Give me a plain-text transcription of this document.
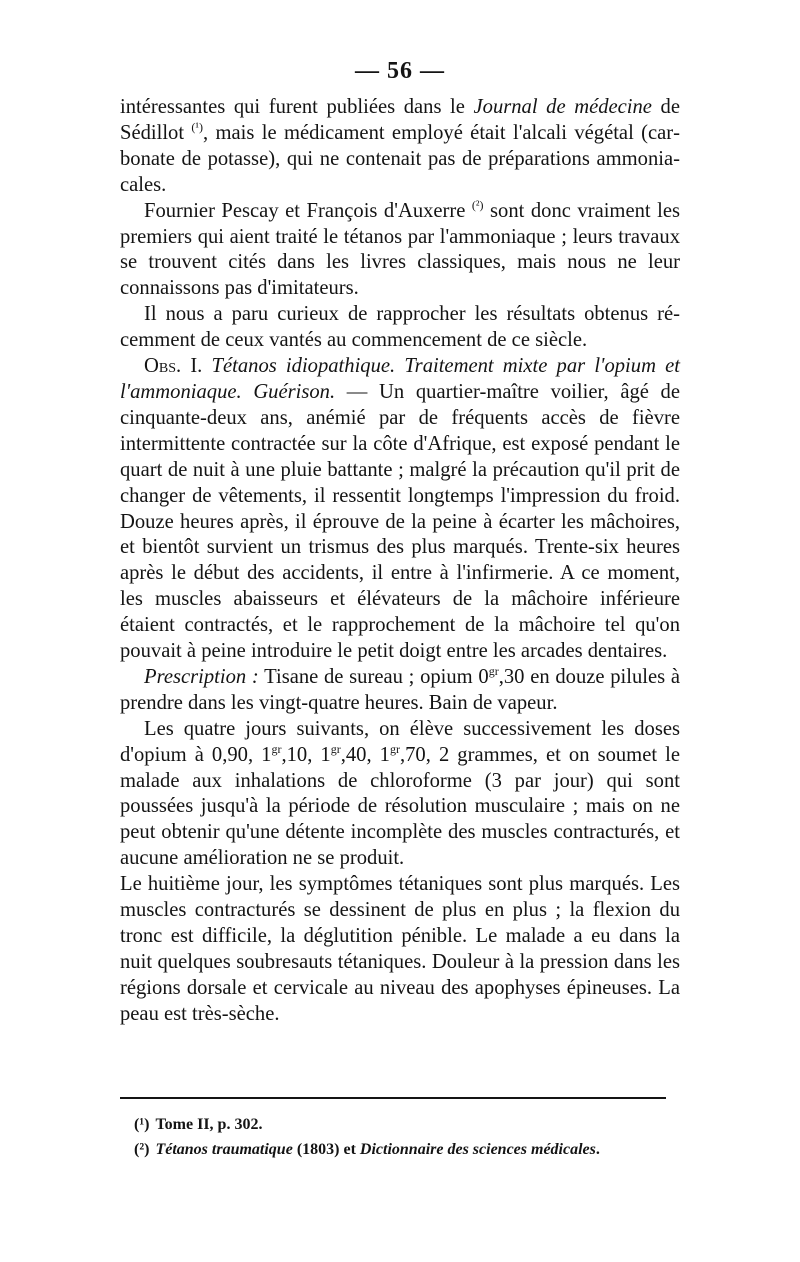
— 56 —

intéressantes qui furent publiées dans le Journal de médecine de Sédillot $^{(^1)}$, mais le médicament employé était l'alcali végétal (carbonate de potasse), qui ne contenait pas de préparations ammoniacales.

Fournier Pescay et François d'Auxerre $^{(^2)}$ sont donc vraiment les premiers qui aient traité le tétanos par l'ammoniaque ; leurs travaux se trouvent cités dans les livres classiques, mais nous ne leur connaissons pas d'imitateurs.

Il nous a paru curieux de rapprocher les résultats obtenus récemment de ceux vantés au commencement de ce siècle.

Obs. I. Tétanos idiopathique. Traitement mixte par l'opium et l'ammoniaque. Guérison. — Un quartier-maître voilier, âgé de cinquante-deux ans, anémié par de fréquents accès de fièvre intermittente contractée sur la côte d'Afrique, est exposé pendant le quart de nuit à une pluie battante ; malgré la précaution qu'il prit de changer de vêtements, il ressentit longtemps l'impression du froid. Douze heures après, il éprouve de la peine à écarter les mâchoires, et bientôt survient un trismus des plus marqués. Trente-six heures après le début des accidents, il entre à l'infirmerie. A ce moment, les muscles abaisseurs et élévateurs de la mâchoire inférieure étaient contractés, et le rapprochement de la mâchoire tel qu'on pouvait à peine introduire le petit doigt entre les arcades dentaires.

Prescription : Tisane de sureau ; opium $0^{gr},30$ en douze pilules à prendre dans les vingt-quatre heures. Bain de vapeur.

Les quatre jours suivants, on élève successivement les doses d'opium à 0,90, $1^{gr},10$, $1^{gr},40$, $1^{gr},70$, 2 grammes, et on soumet le malade aux inhalations de chloroforme (3 par jour) qui sont poussées jusqu'à la période de résolution musculaire ; mais on ne peut obtenir qu'une détente incomplète des muscles contracturés, et aucune amélioration ne se produit.

Le huitième jour, les symptômes tétaniques sont plus marqués. Les muscles contracturés se dessinent de plus en plus ; la flexion du tronc est difficile, la déglutition pénible. Le malade a eu dans la nuit quelques soubresauts tétaniques. Douleur à la pression dans les régions dorsale et cervicale au niveau des apophyses épineuses. La peau est très-sèche.

(¹) Tome II, p. 302.

(²) Tétanos traumatique (1803) et Dictionnaire des sciences médicales.
